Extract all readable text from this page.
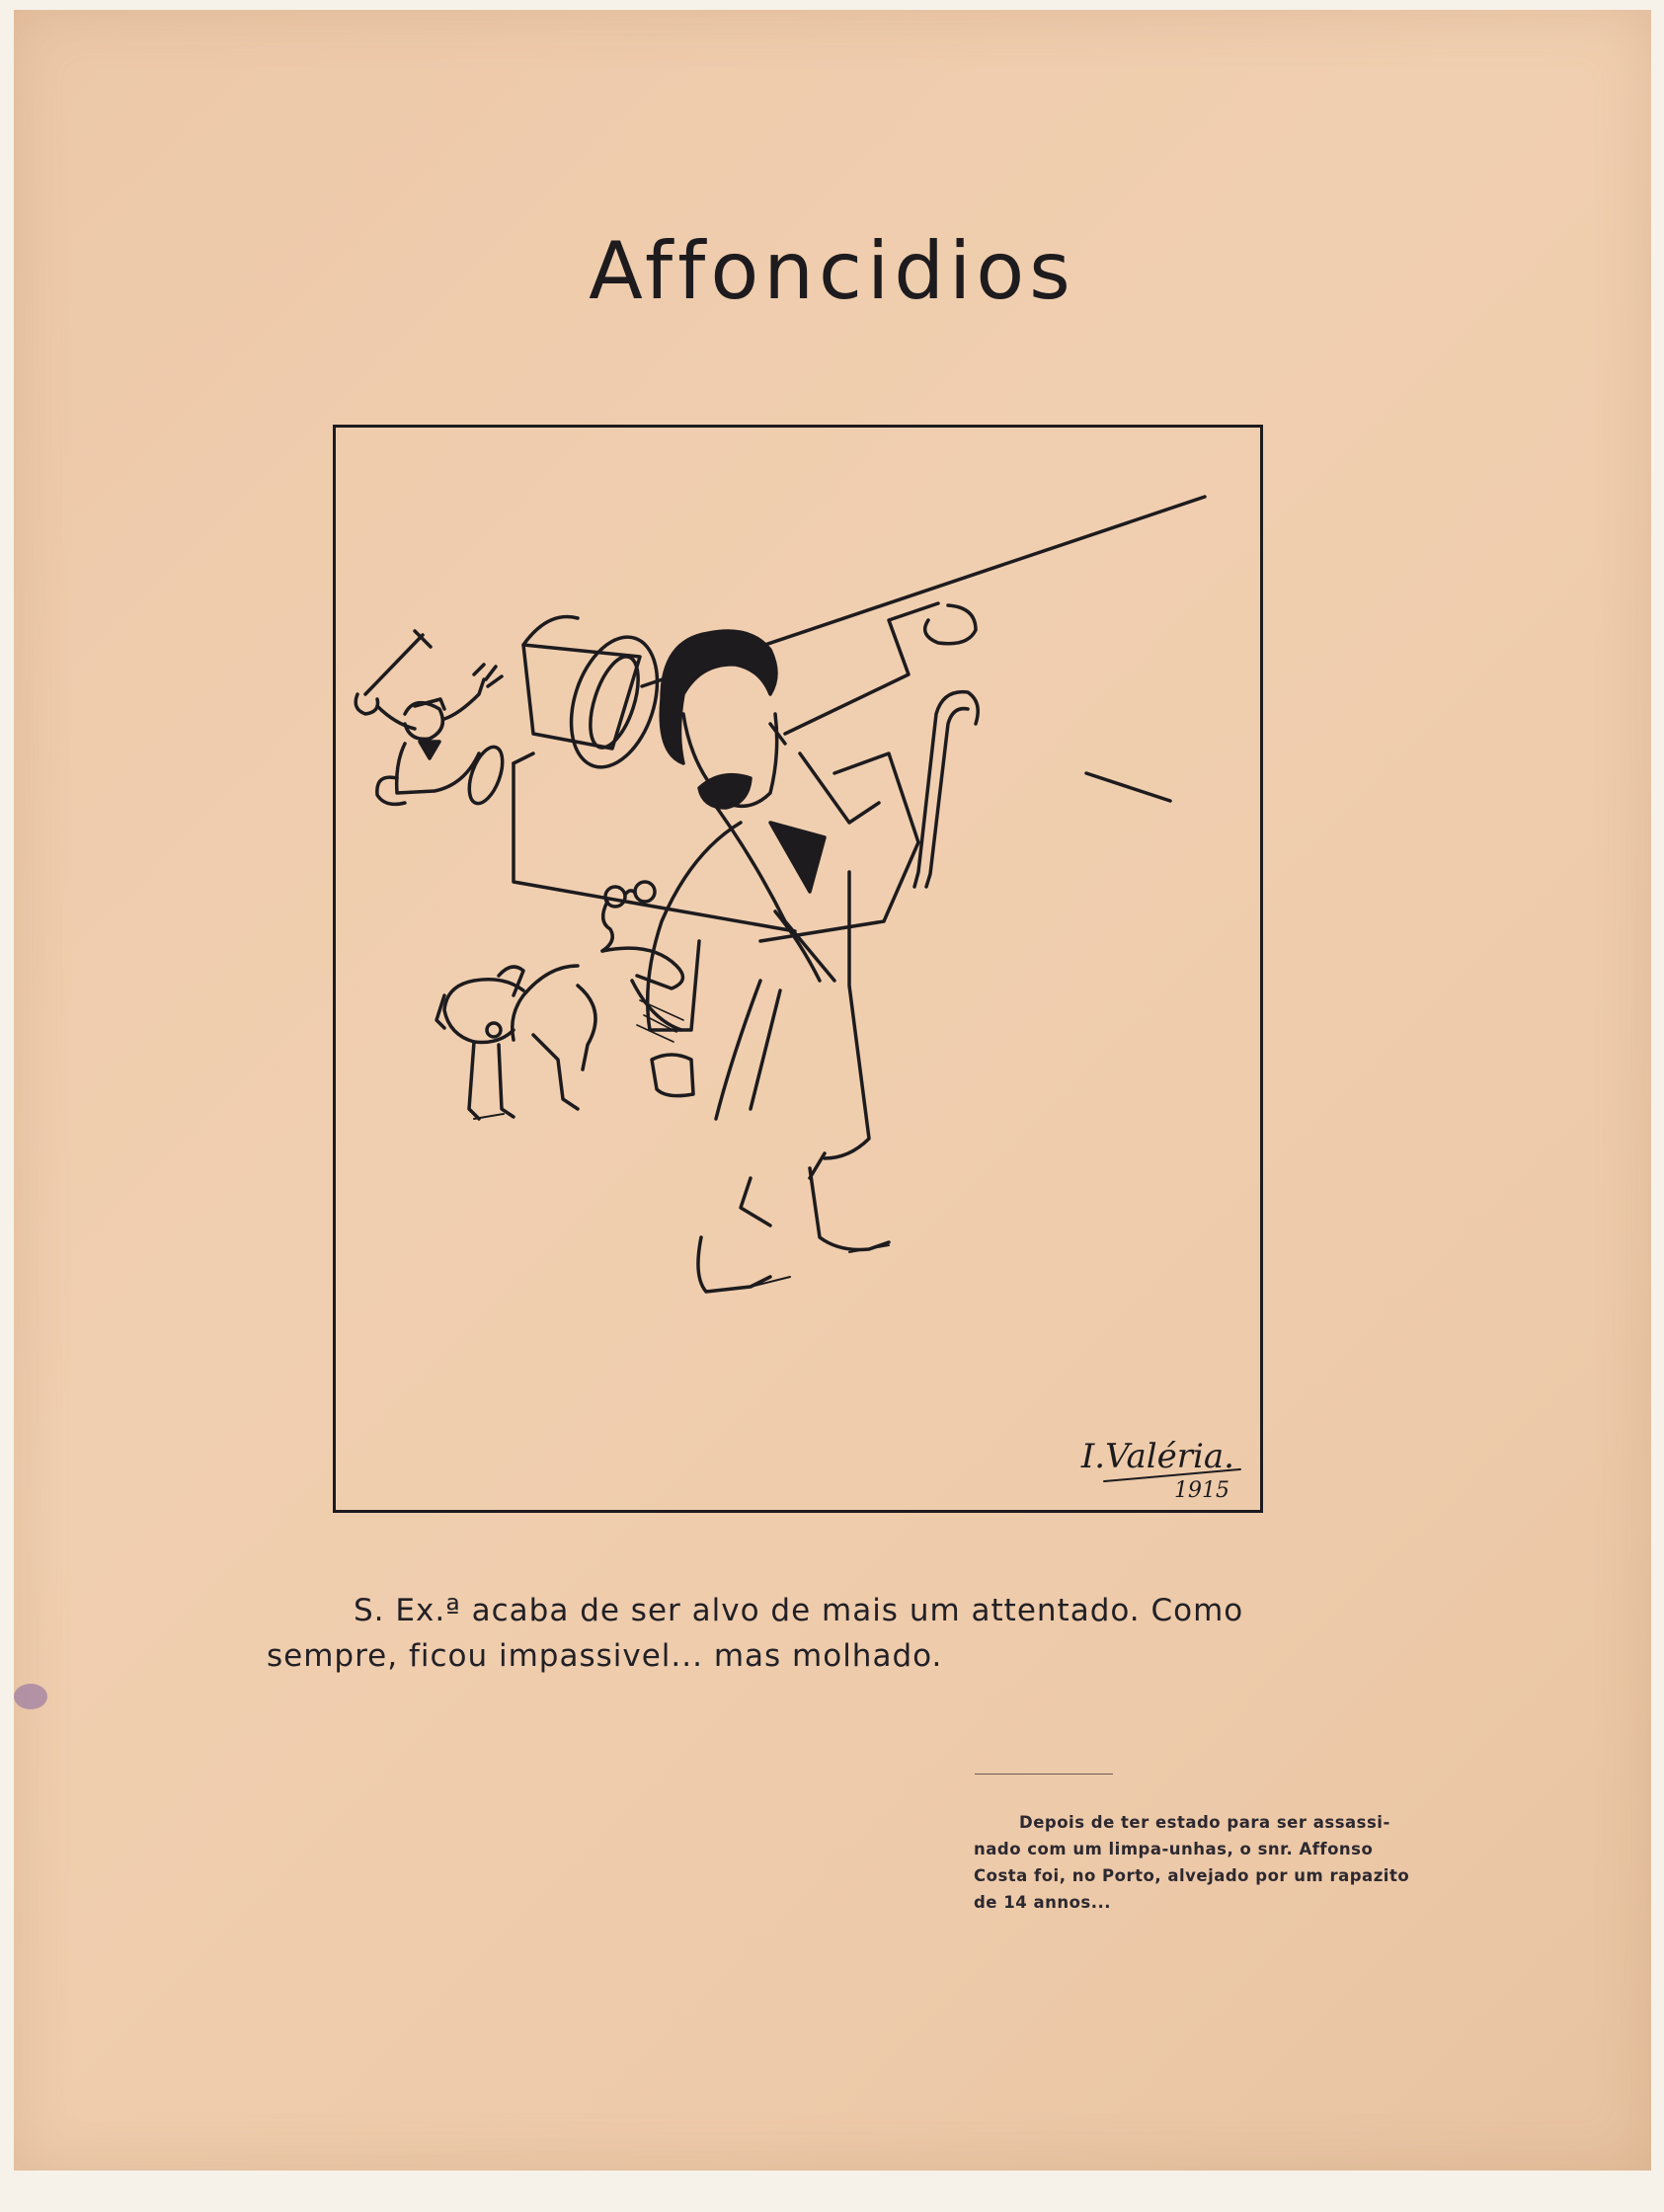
Affoncidios
I.Valéria.
1915
S. Ex.ª acaba de ser alvo de mais um attentado. Como
sempre, ficou impassivel... mas molhado.
Depois de ter estado para ser assassi-
nado com um limpa-unhas, o snr. Affonso
Costa foi, no Porto, alvejado por um rapazito
de 14 annos...
